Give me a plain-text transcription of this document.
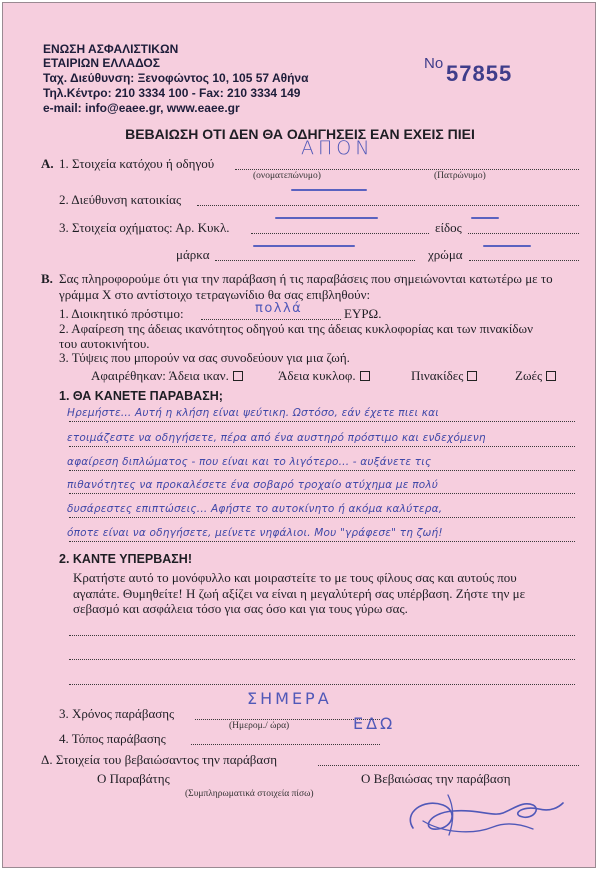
ΕΝΩΣΗ ΑΣΦΑΛΙΣΤΙΚΩΝ
ΕΤΑΙΡΙΩΝ ΕΛΛΑΔΟΣ
Ταχ. Διεύθυνση: Ξενοφώντος 10, 105 57 Αθήνα
Τηλ.Κέντρο: 210 3334 100 - Fax: 210 3334 149
e-mail: info@eaee.gr, www.eaee.gr
No 57855
ΒΕΒΑΙΩΣΗ ΟΤΙ ΔΕΝ ΘΑ ΟΔΗΓΗΣΕΙΣ ΕΑΝ ΕΧΕΙΣ ΠΙΕΙ
Α. 1. Στοιχεία κατόχου ή οδηγού
ΑΠΟΝ
(ονοματεπώνυμο)	(Πατρώνυμο)
2. Διεύθυνση κατοικίας
3. Στοιχεία οχήματος: Αρ. Κυκλ.	είδος
μάρκα	χρώμα
Β. Σας πληροφορούμε ότι για την παράβαση ή τις παραβάσεις που σημειώνονται κατωτέρω με το γράμμα Χ στο αντίστοιχο τετραγωνίδιο θα σας επιβληθούν:
1. Διοικητικό πρόστιμο:	πολλά	ΕΥΡΩ.
2. Αφαίρεση της άδειας ικανότητος οδηγού και της άδειας κυκλοφορίας και των πινακίδων του αυτοκινήτου.
3. Τύψεις που μπορούν να σας συνοδεύουν για μια ζωή.
Αφαιρέθηκαν: Άδεια ικαν.	Άδεια κυκλοφ.	Πινακίδες	Ζωές
1. ΘΑ ΚΑΝΕΤΕ ΠΑΡΑΒΑΣΗ;
Ηρεμήστε... Αυτή η κλήση είναι ψεύτικη. Ωστόσο, εάν έχετε πιει και
ετοιμάζεστε να οδηγήσετε, πέρα από ένα αυστηρό πρόστιμο και ενδεχόμενη
αφαίρεση διπλώματος - που είναι και το λιγότερο... - αυξάνετε τις
πιθανότητες να προκαλέσετε ένα σοβαρό τροχαίο ατύχημα με πολύ
δυσάρεστες επιπτώσεις... Αφήστε το αυτοκίνητο ή ακόμα καλύτερα,
όποτε είναι να οδηγήσετε, μείνετε νηφάλιοι. Μου "γράφεσε" τη ζωή!
2. ΚΑΝΤΕ ΥΠΕΡΒΑΣΗ!
Κρατήστε αυτό το μονόφυλλο και μοιραστείτε το με τους φίλους σας και αυτούς που αγαπάτε. Θυμηθείτε! Η ζωή αξίζει να είναι η μεγαλύτερή σας υπέρβαση. Ζήστε την με σεβασμό και ασφάλεια τόσο για σας όσο και για τους γύρω σας.
3. Χρόνος παράβασης
ΣΗΜΕΡΑ
(Ημερομ./ ώρα)
4. Τόπος παράβασης
ΕΔΩ
Δ. Στοιχεία του βεβαιώσαντος την παράβαση
Ο Παραβάτης	Ο Βεβαιώσας την παράβαση
(Συμπληρωματικά στοιχεία πίσω)
